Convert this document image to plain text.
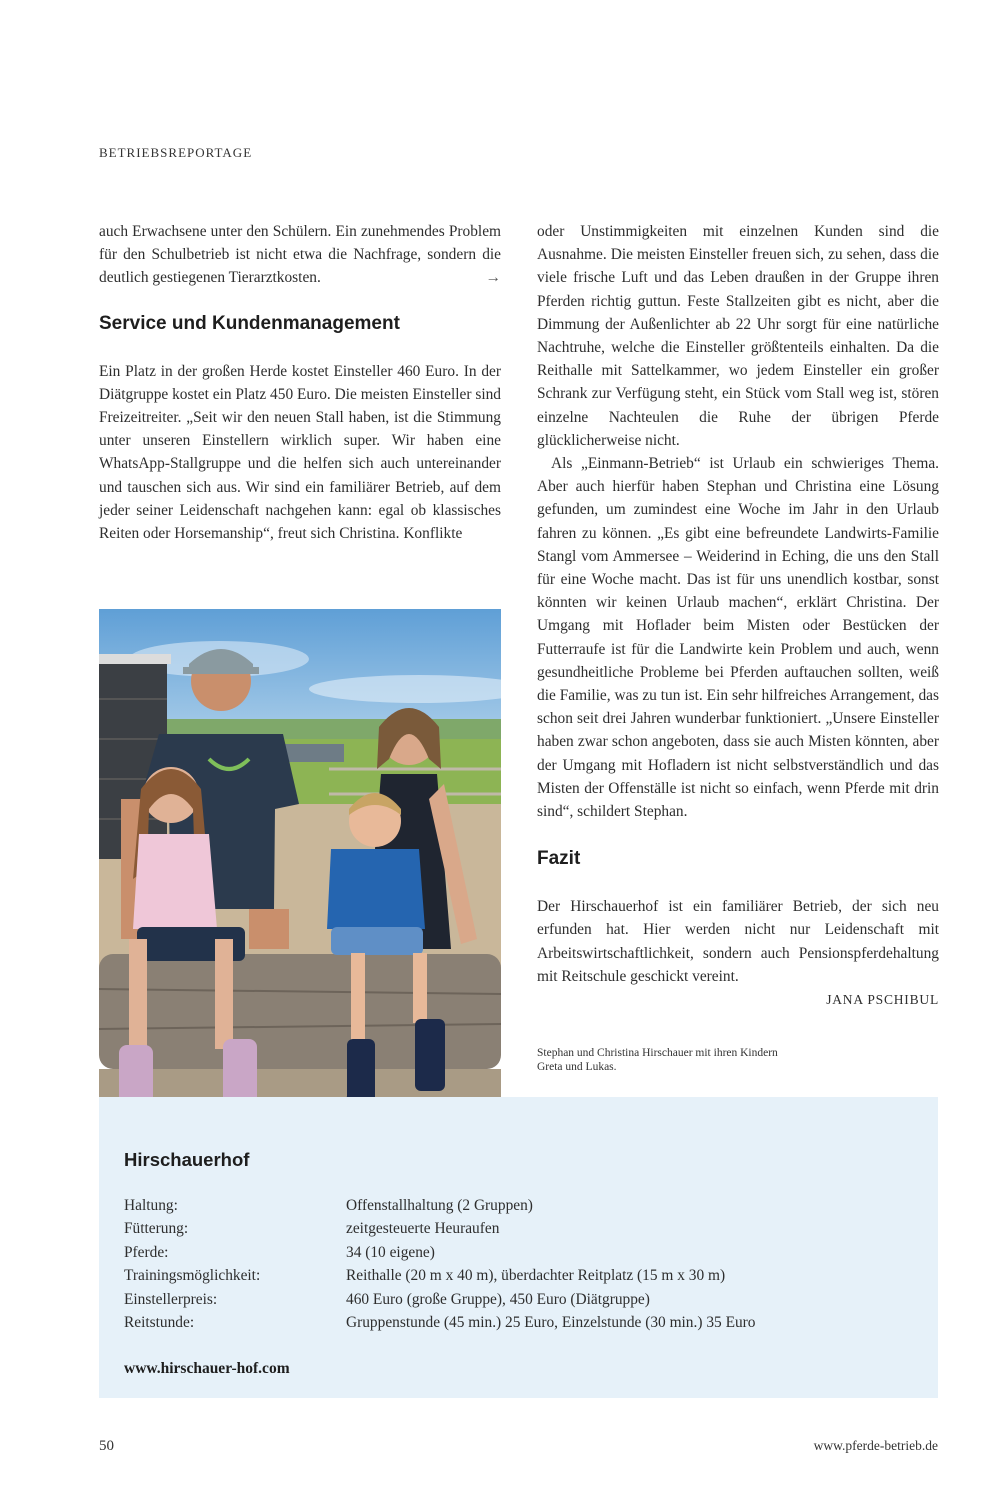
BETRIEBSREPORTAGE

auch Erwachsene unter den Schülern. Ein zunehmendes Problem für den Schulbetrieb ist nicht etwa die Nachfrage, sondern die deutlich gestiegenen Tierarztkosten.	→

Service und Kundenmanagement

Ein Platz in der großen Herde kostet Einsteller 460 Euro. In der Diätgruppe kostet ein Platz 450 Euro. Die meisten Einsteller sind Freizeitreiter. „Seit wir den neuen Stall haben, ist die Stimmung unter unseren Einstellern wirklich super. Wir haben eine WhatsApp-Stallgruppe und die helfen sich auch untereinander und tauschen sich aus. Wir sind ein familiärer Betrieb, auf dem jeder seiner Leidenschaft nachgehen kann: egal ob klassisches Reiten oder Horsemanship“, freut sich Christina. Konflikte

oder Unstimmigkeiten mit einzelnen Kunden sind die Ausnahme. Die meisten Einsteller freuen sich, zu sehen, dass die viele frische Luft und das Leben draußen in der Gruppe ihren Pferden richtig guttun. Feste Stallzeiten gibt es nicht, aber die Dimmung der Außenlichter ab 22 Uhr sorgt für eine natürliche Nachtruhe, welche die Einsteller größtenteils einhalten. Da die Reithalle mit Sattelkammer, wo jedem Einsteller ein großer Schrank zur Verfügung steht, ein Stück vom Stall weg ist, stören einzelne Nachteulen die Ruhe der übrigen Pferde glücklicherweise nicht.

Als „Einmann-Betrieb“ ist Urlaub ein schwieriges Thema. Aber auch hierfür haben Stephan und Christina eine Lösung gefunden, um zumindest eine Woche im Jahr in den Urlaub fahren zu können. „Es gibt eine befreundete Landwirts-Familie Stangl vom Ammersee – Weiderind in Eching, die uns den Stall für eine Woche macht. Das ist für uns unendlich kostbar, sonst könnten wir keinen Urlaub machen“, erklärt Christina. Der Umgang mit Hoflader beim Misten oder Bestücken der Futterraufe ist für die Landwirte kein Problem und auch, wenn gesundheitliche Probleme bei Pferden auftauchen sollten, weiß die Familie, was zu tun ist. Ein sehr hilfreiches Arrangement, das schon seit drei Jahren wunderbar funktioniert. „Unsere Einsteller haben zwar schon angeboten, dass sie auch Misten könnten, aber der Umgang mit Hofladern ist nicht selbstverständlich und das Misten der Offenställe ist nicht so einfach, wenn Pferde mit drin sind“, schildert Stephan.

Fazit

Der Hirschauerhof ist ein familiärer Betrieb, der sich neu erfunden hat. Hier werden nicht nur Leidenschaft mit Arbeitswirtschaftlichkeit, sondern auch Pensionspferdehaltung mit Reitschule geschickt vereint.

JANA PSCHIBUL

Stephan und Christina Hirschauer mit ihren Kindern Greta und Lukas.
Hirschauerhof
Haltung:	Offenstallhaltung (2 Gruppen)
Fütterung:	zeitgesteuerte Heuraufen
Pferde:	34 (10 eigene)
Trainingsmöglichkeit:	Reithalle (20 m x 40 m), überdachter Reitplatz (15 m x 30 m)
Einstellerpreis:	460 Euro (große Gruppe), 450 Euro (Diätgruppe)
Reitstunde:	Gruppenstunde (45 min.) 25 Euro, Einzelstunde (30 min.) 35 Euro
www.hirschauer-hof.com
50	www.pferde-betrieb.de
